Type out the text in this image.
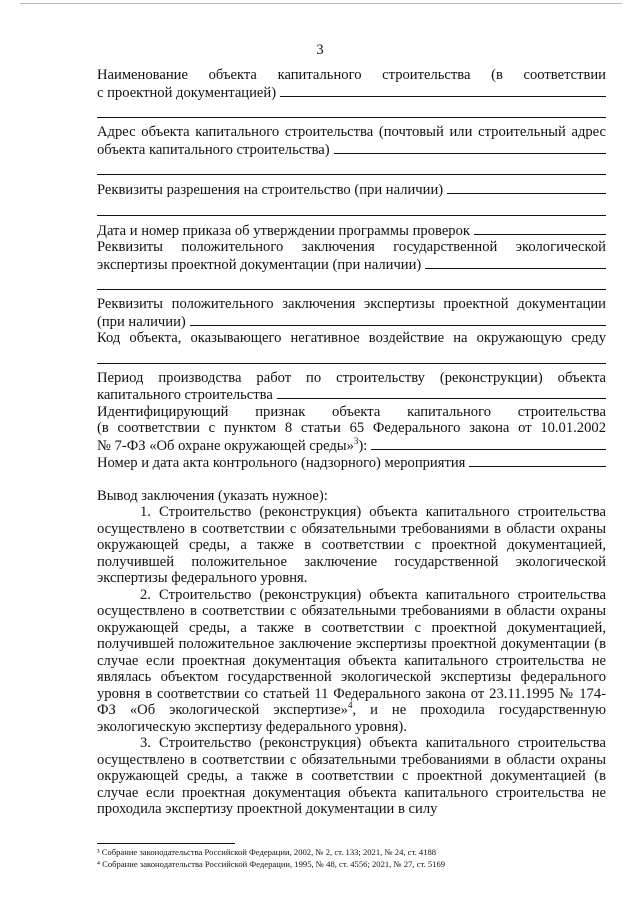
3
Наименование объекта капитального строительства (в соответствии
с проектной документацией)
Адрес объекта капитального строительства (почтовый или строительный адрес
объекта капитального строительства)
Реквизиты разрешения на строительство (при наличии)
Дата и номер приказа об утверждении программы проверок
Реквизиты положительного заключения государственной экологической
экспертизы проектной документации (при наличии)
Реквизиты положительного заключения экспертизы проектной документации
(при наличии)
Код объекта, оказывающего негативное воздействие на окружающую среду
Период производства работ по строительству (реконструкции) объекта
капитального строительства
Идентифицирующий признак объекта капитального строительства
(в соответствии с пунктом 8 статьи 65 Федерального закона от 10.01.2002
№ 7-ФЗ «Об охране окружающей среды»$^3$):
Номер и дата акта контрольного (надзорного) мероприятия
Вывод заключения (указать нужное):
1. Строительство (реконструкция) объекта капитального строительства осуществлено в соответствии с обязательными требованиями в области охраны окружающей среды, а также в соответствии с проектной документацией, получившей положительное заключение государственной экологической экспертизы федерального уровня.
2. Строительство (реконструкция) объекта капитального строительства осуществлено в соответствии с обязательными требованиями в области охраны окружающей среды, а также в соответствии с проектной документацией, получившей положительное заключение экспертизы проектной документации (в случае если проектная документация объекта капитального строительства не являлась объектом государственной экологической экспертизы федерального уровня в соответствии со статьей 11 Федерального закона от 23.11.1995 № 174-ФЗ «Об экологической экспертизе»$^4$, и не проходила государственную экологическую экспертизу федерального уровня).
3. Строительство (реконструкция) объекта капитального строительства осуществлено в соответствии с обязательными требованиями в области охраны окружающей среды, а также в соответствии с проектной документацией (в случае если проектная документация объекта капитального строительства не проходила экспертизу проектной документации в силу
³ Собрание законодательства Российской Федерации, 2002, № 2, ст. 133; 2021, № 24, ст. 4188
⁴ Собрание законодательства Российской Федерации, 1995, № 48, ст. 4556; 2021, № 27, ст. 5169
